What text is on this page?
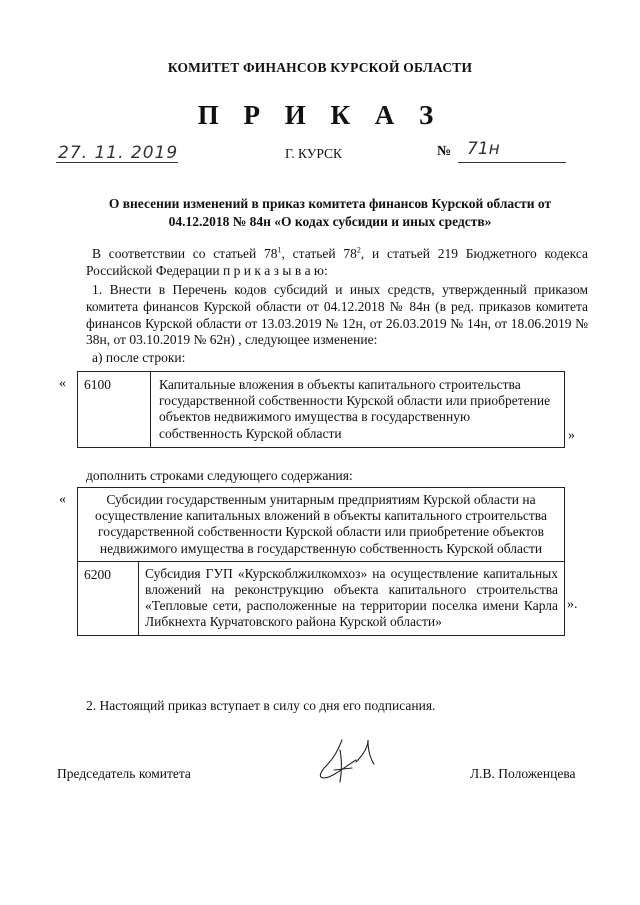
КОМИТЕТ ФИНАНСОВ КУРСКОЙ ОБЛАСТИ
П Р И К А З
27. 11. 2019	Г. КУРСК	№ 71н
О внесении изменений в приказ комитета финансов Курской области от
04.12.2018 № 84н «О кодах субсидии и иных средств»
В соответствии со статьей $78^1$, статьей $78^2$, и статьей 219 Бюджетного кодекса Российской Федерации п р и к а з ы в а ю:
1. Внести в Перечень кодов субсидий и иных средств, утвержденный приказом комитета финансов Курской области от 04.12.2018 № 84н (в ред. приказов комитета финансов Курской области от 13.03.2019 № 12н, от 26.03.2019 № 14н, от 18.06.2019 № 38н, от 03.10.2019 № 62н) , следующее изменение:
а) после строки:
« 6100	Капитальные вложения в объекты капитального строительства государственной собственности Курской области или приобретение объектов недвижимого имущества в государственную собственность Курской области	»
дополнить строками следующего содержания:
«	Субсидии государственным унитарным предприятиям Курской области на осуществление капитальных вложений в объекты капитального строительства государственной собственности Курской области или приобретение объектов недвижимого имущества в государственную собственность Курской области
6200	Субсидия ГУП «Курскоблжилкомхоз» на осуществление капитальных вложений на реконструкцию объекта капитального строительства «Тепловые сети, расположенные на территории поселка имени Карла Либкнехта Курчатовского района Курской области»
».
2. Настоящий приказ вступает в силу со дня его подписания.
Председатель комитета	Л.В. Положенцева
